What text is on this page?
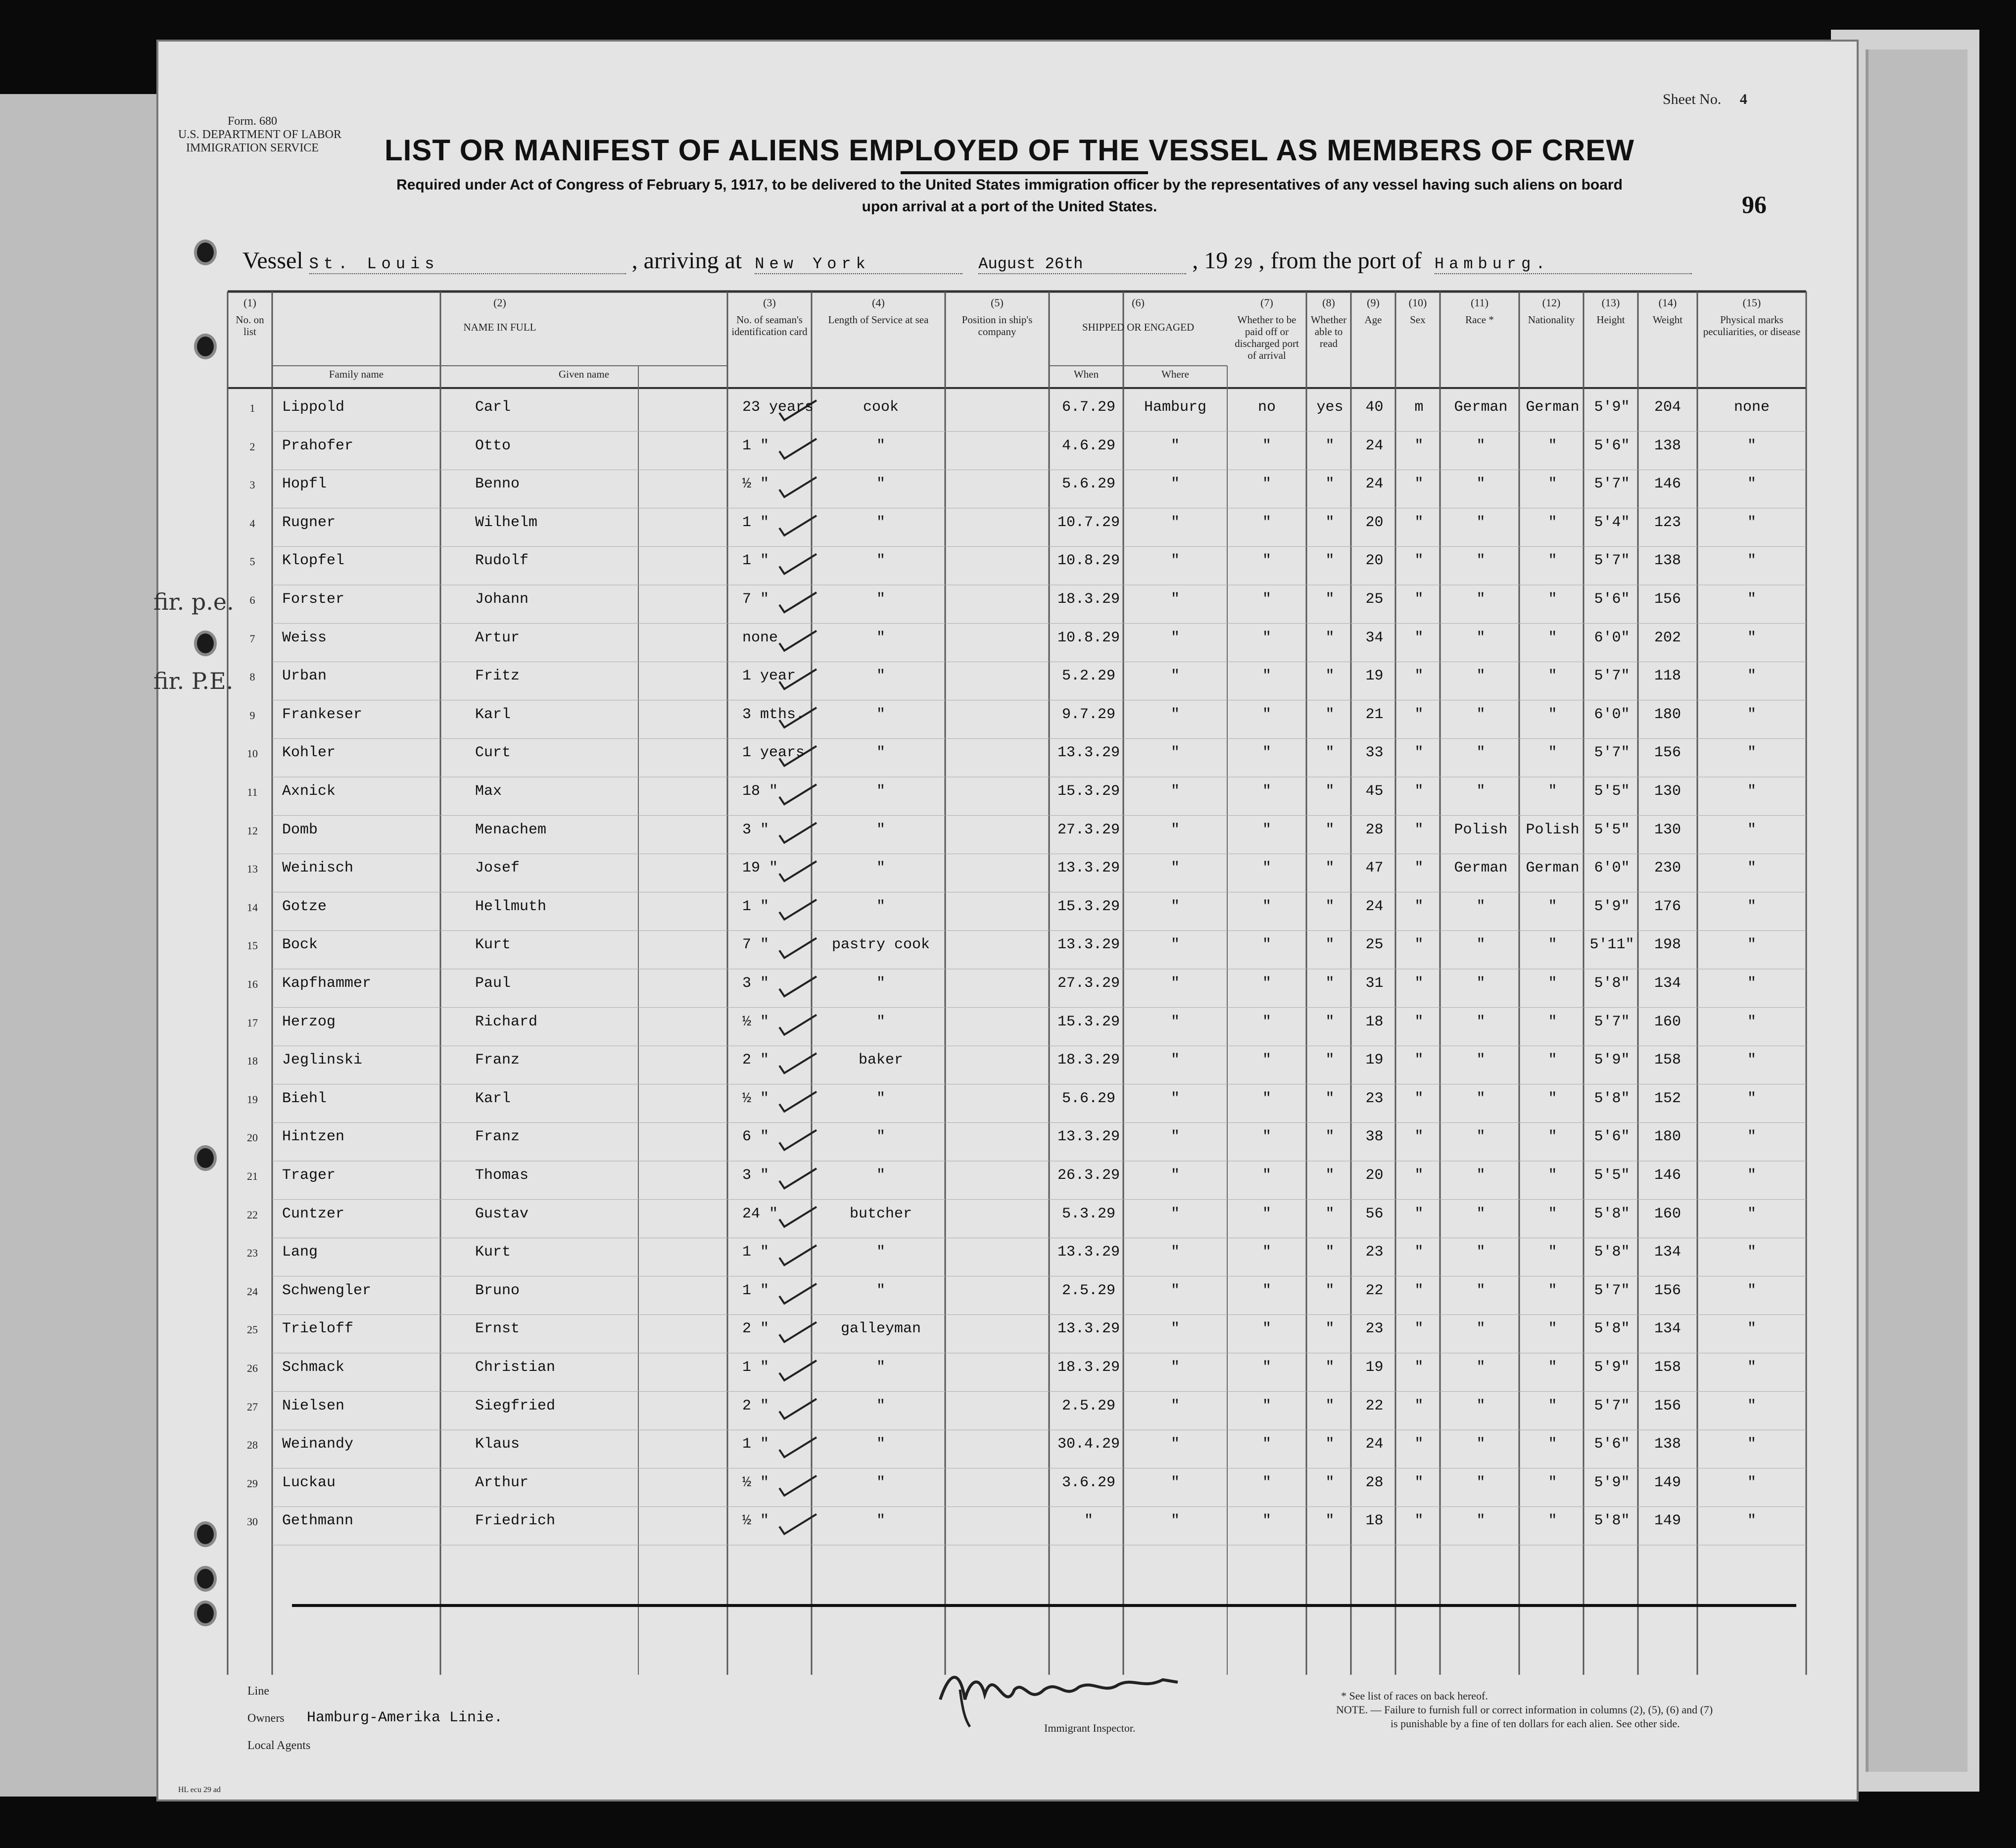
Form. 680
U.S. DEPARTMENT OF LABOR
IMMIGRATION SERVICE
Sheet No. 4
LIST OR MANIFEST OF ALIENS EMPLOYED OF THE VESSEL AS MEMBERS OF CREW
Required under Act of Congress of February 5, 1917, to be delivered to the United States immigration officer by the representatives of any vessel having such aliens on board
upon arrival at a port of the United States.	96
Vessel St. Louis	, arriving at New York	August 26th	, 19 29 , from the port of Hamburg.
(1)
No. on list
(2)
NAME IN FULL
(3)
No. of seaman's identification card
(4)
Length of Service at sea
(5)
Position in ship's company
(6)
SHIPPED OR ENGAGED
(7)
Whether to be paid off or discharged port of arrival
(8)
Whether able to read
(9)
Age
(10)
Sex
(11)
Race *
(12)
Nationality
(13)
Height
(14)
Weight
(15)
Physical marks peculiarities, or disease
Family name	Given name	When	Where
1	Lippold	Carl	23 years	cook	6.7.29	Hamburg	no	yes	40	m	German	German 5'9"	204	none
2	Prahofer	Otto	1 "	"	4.6.29	"	"	"	24	"	"	"	5'6"	138	"
3	Hopfl	Benno	½ "	"	5.6.29	"	"	"	24	"	"	"	5'7"	146	"
4	Rugner	Wilhelm	1 "	"	10.7.29	"	"	"	20	"	"	"	5'4"	123	"
5	Klopfel	Rudolf	1 "	"	10.8.29	"	"	"	20	"	"	"	5'7"	138	"
6	Forster	Johann	7 "	"	18.3.29	"	"	"	25	"	"	"	5'6"	156	"
7	Weiss	Artur	none	"	10.8.29	"	"	"	34	"	"	"	6'0"	202	"
8	Urban	Fritz	1 year	"	5.2.29	"	"	"	19	"	"	"	5'7"	118	"
9	Frankeser	Karl	3 mths.	"	9.7.29	"	"	"	21	"	"	"	6'0"	180	"
10	Kohler	Curt	1 years	"	13.3.29	"	"	"	33	"	"	"	5'7"	156	"
11	Axnick	Max	18 "	"	15.3.29	"	"	"	45	"	"	"	5'5"	130	"
12	Domb	Menachem	3 "	"	27.3.29	"	"	"	28	"	Polish	Polish 5'5"	130	"
13	Weinisch	Josef	19 "	"	13.3.29	"	"	"	47	"	German	German 6'0"	230	"
14	Gotze	Hellmuth	1 "	"	15.3.29	"	"	"	24	"	"	"	5'9"	176	"
15	Bock	Kurt	7 "	pastry cook	13.3.29	"	"	"	25	"	"	"	5'11"	198	"
16	Kapfhammer	Paul	3 "	"	27.3.29	"	"	"	31	"	"	"	5'8"	134	"
17	Herzog	Richard	½ "	"	15.3.29	"	"	"	18	"	"	"	5'7"	160	"
18	Jeglinski	Franz	2 "	baker	18.3.29	"	"	"	19	"	"	"	5'9"	158	"
19	Biehl	Karl	½ "	"	5.6.29	"	"	"	23	"	"	"	5'8"	152	"
20	Hintzen	Franz	6 "	"	13.3.29	"	"	"	38	"	"	"	5'6"	180	"
21	Trager	Thomas	3 "	"	26.3.29	"	"	"	20	"	"	"	5'5"	146	"
22	Cuntzer	Gustav	24 "	butcher	5.3.29	"	"	"	56	"	"	"	5'8"	160	"
23	Lang	Kurt	1 "	"	13.3.29	"	"	"	23	"	"	"	5'8"	134	"
24	Schwengler	Bruno	1 "	"	2.5.29	"	"	"	22	"	"	"	5'7"	156	"
25	Trieloff	Ernst	2 "	galleyman	13.3.29	"	"	"	23	"	"	"	5'8"	134	"
26	Schmack	Christian	1 "	"	18.3.29	"	"	"	19	"	"	"	5'9"	158	"
27	Nielsen	Siegfried	2 "	"	2.5.29	"	"	"	22	"	"	"	5'7"	156	"
28	Weinandy	Klaus	1 "	"	30.4.29	"	"	"	24	"	"	"	5'6"	138	"
29	Luckau	Arthur	½ "	"	3.6.29	"	"	"	28	"	"	"	5'9"	149	"
30	Gethmann	Friedrich	½ "	"	"	"	"	"	18	"	"	"	5'8"	149	"
fir. p.e.
fir. P.E.
Line
Owners Hamburg-Amerika Linie.
Local Agents
Immigrant Inspector.
* See list of races on back hereof.
NOTE. — Failure to furnish full or correct information in columns (2), (5), (6) and (7)
is punishable by a fine of ten dollars for each alien. See other side.
HL ecu 29 ad
